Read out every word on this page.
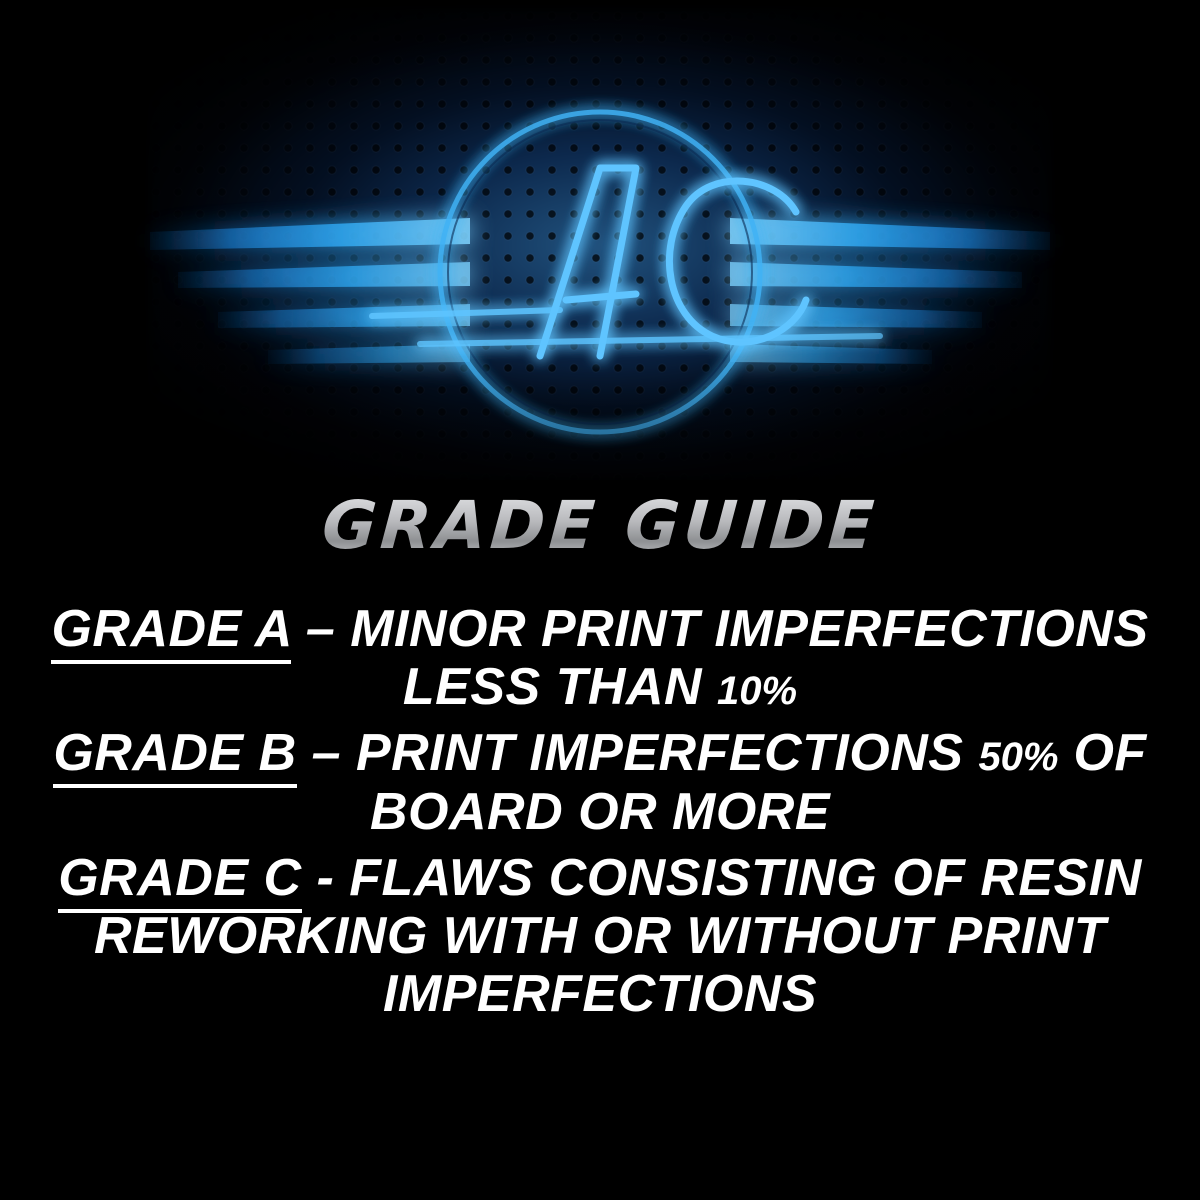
GRADE GUIDE
GRADE A – MINOR PRINT IMPERFECTIONS LESS THAN 10%
GRADE B – PRINT IMPERFECTIONS 50% OF BOARD OR MORE
GRADE C - FLAWS CONSISTING OF RESIN REWORKING WITH OR WITHOUT PRINT IMPERFECTIONS
